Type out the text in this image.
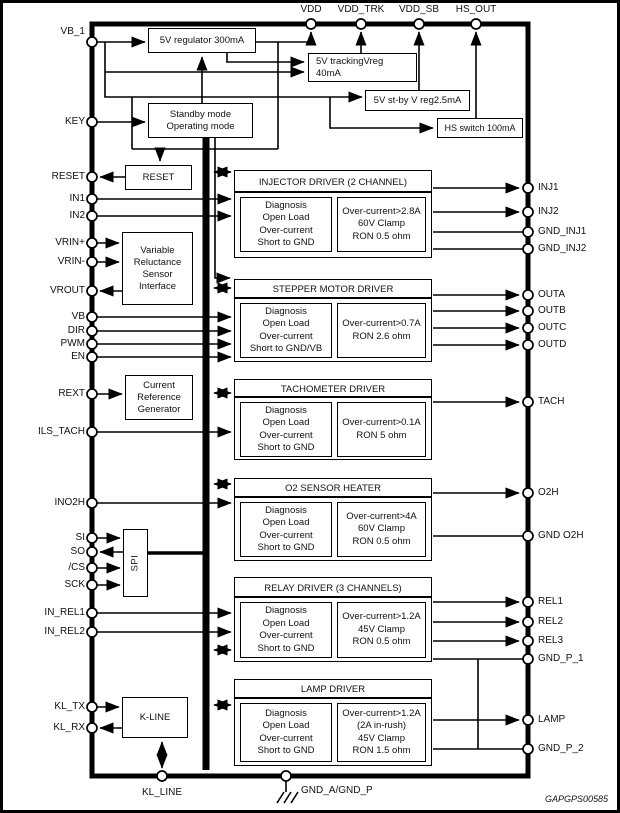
5V regulator 300mA
5V trackingVreg
40mA
5V st-by V reg2.5mA
HS switch 100mA
Standby mode
Operating mode
RESET
Variable
Reluctance
Sensor
Interface
Current
Reference
Generator
SPI
K-LINE
INJECTOR DRIVER (2 CHANNEL)
Diagnosis
Open Load
Over-current
Short to GND
Over-current>2.8A
60V Clamp
RON 0.5 ohm
STEPPER MOTOR DRIVER
Diagnosis
Open Load
Over-current
Short to GND/VB
Over-current>0.7A
RON 2.6 ohm
TACHOMETER DRIVER
Diagnosis
Open Load
Over-current
Short to GND
Over-current>0.1A
RON 5 ohm
O2 SENSOR HEATER
Diagnosis
Open Load
Over-current
Short to GND
Over-current>4A
60V Clamp
RON 0.5 ohm
RELAY DRIVER (3 CHANNELS)
Diagnosis
Open Load
Over-current
Short to GND
Over-current>1.2A
45V Clamp
RON 0.5 ohm
LAMP DRIVER
Diagnosis
Open Load
Over-current
Short to GND
Over-current>1.2A
(2A in-rush)
45V Clamp
RON 1.5 ohm
VDD	VDD_TRK	VDD_SB	HS_OUT
VB_1
KEY
RESET
IN1
IN2
VRIN+
VRIN-
VROUT
VB
DIR
PWM
EN
REXT
ILS_TACH
INO2H
SI
SO
/CS
SCK
IN_REL1
IN_REL2
KL_TX
KL_RX
INJ1
INJ2
GND_INJ1
GND_INJ2
OUTA
OUTB
OUTC
OUTD
TACH
O2H
GND O2H
REL1
REL2
REL3
GND_P_1
LAMP
GND_P_2
KL_LINE	GND_A/GND_P
GAPGPS00585
